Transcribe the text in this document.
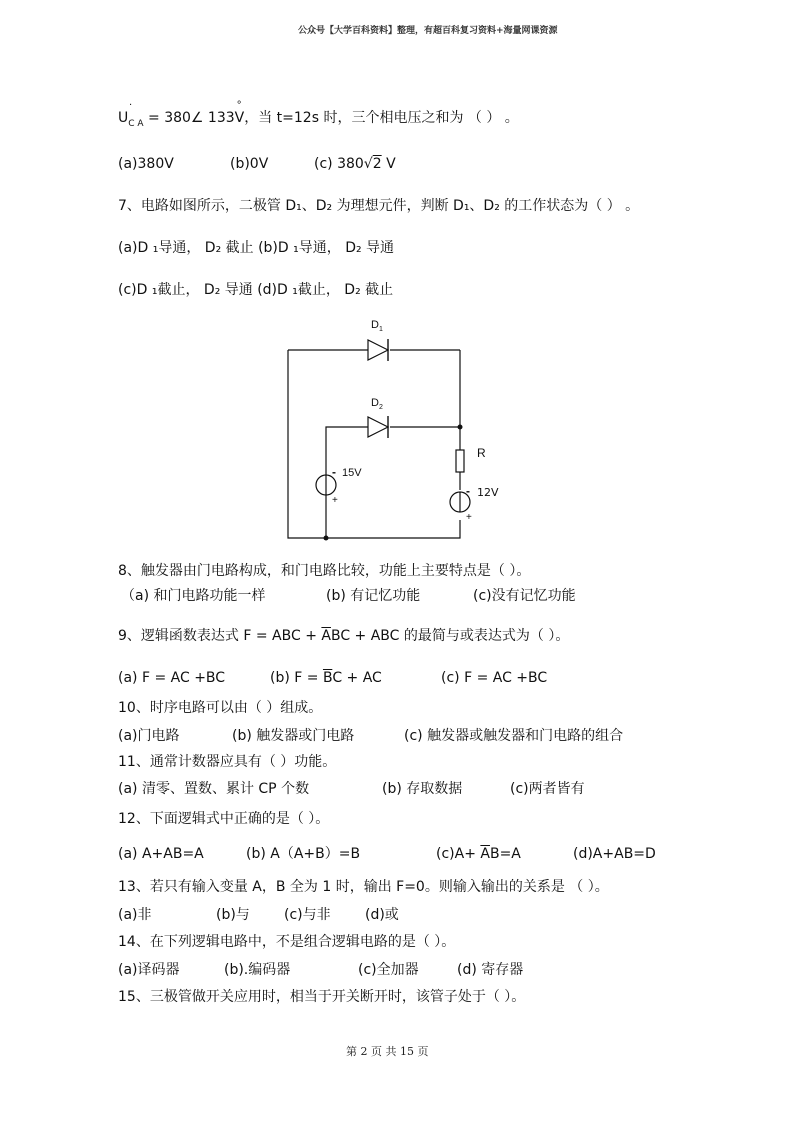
公众号【大学百科资料】整理，有超百科复习资料+海量网课资源
$U_{C A}$ = 380∠ 133
°
V，当 t=12s 时，三个相电压之和为 （ ） 。
·
(a)380V	(b)0V	(c) 380√2 V
7、电路如图所示，二极管 D₁、D₂ 为理想元件，判断 D₁、D₂ 的工作状态为（ ） 。
(a)D ₁导通， D₂ 截止 (b)D ₁导通， D₂ 导通
(c)D ₁截止， D₂ 导通 (d)D ₁截止， D₂ 截止
D 1
D 2
R
- 15V
+
-
+
12V
8、触发器由门电路构成，和门电路比较，功能上主要特点是（ ）。
（a) 和门电路功能一样	(b) 有记忆功能	(c)没有记忆功能
9、逻辑函数表达式 F = ABC + $\overline{A}BC$ + ABC 的最简与或表达式为（ ）。
(a) F = AC +BC	(b) $F = \overline{B}C$ + AC	(c) F = AC +BC
10、时序电路可以由（ ）组成。
(a)门电路	(b) 触发器或门电路	(c) 触发器或触发器和门电路的组合
11、通常计数器应具有（ ）功能。
(a) 清零、置数、累计 CP 个数	(b) 存取数据	(c)两者皆有
12、下面逻辑式中正确的是（ ）。
(a) A+AB=A	(b) A（A+B）=B	$(c)A+ \overline{A}B=A$	(d)A+AB=D
13、若只有输入变量 A，B 全为 1 时，输出 F=0。则输入输出的关系是 （ ）。
(a)非	(b)与 (c)与非 (d)或
14、在下列逻辑电路中，不是组合逻辑电路的是（ ）。
(a)译码器	(b).编码器	(c)全加器	(d) 寄存器
15、三极管做开关应用时，相当于开关断开时，该管子处于（ ）。
第 2 页 共 15 页
